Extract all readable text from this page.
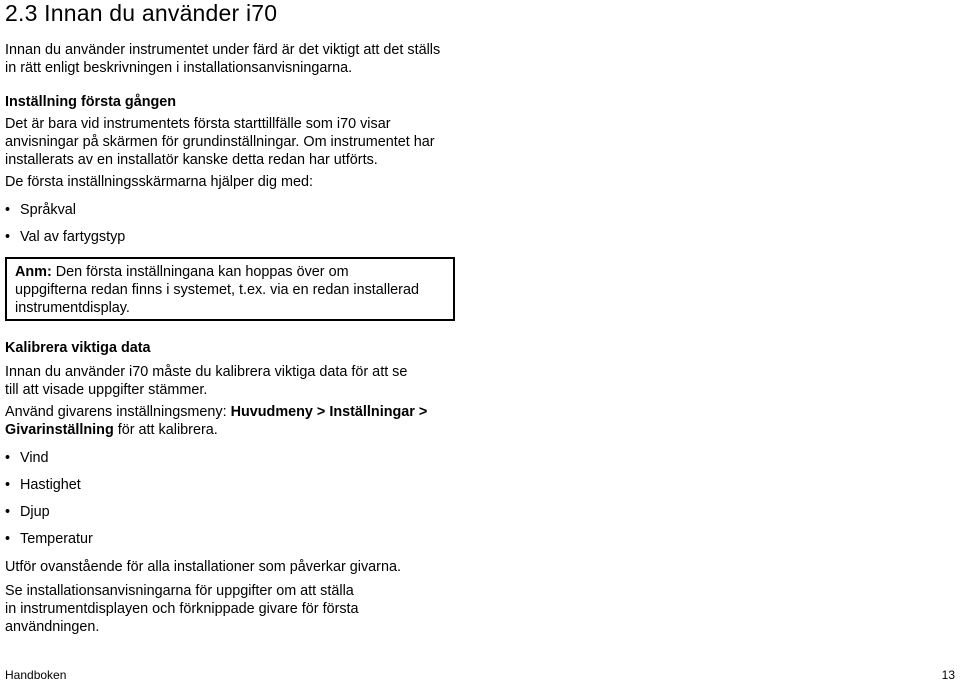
2.3 Innan du använder i70

Innan du använder instrumentet under färd är det viktigt att det ställs
in rätt enligt beskrivningen i installationsanvisningarna.

Inställning första gången

Det är bara vid instrumentets första starttillfälle som i70 visar
anvisningar på skärmen för grundinställningar. Om instrumentet har
installerats av en installatör kanske detta redan har utförts.

De första inställningsskärmarna hjälper dig med:

• Språkval
• Val av fartygstyp

Anm: Den första inställningana kan hoppas över om
uppgifterna redan finns i systemet, t.ex. via en redan installerad
instrumentdisplay.

Kalibrera viktiga data

Innan du använder i70 måste du kalibrera viktiga data för att se
till att visade uppgifter stämmer.

Använd givarens inställningsmeny: Huvudmeny > Inställningar >
Givarinställning för att kalibrera.

• Vind
• Hastighet
• Djup
• Temperatur

Utför ovanstående för alla installationer som påverkar givarna.

Se installationsanvisningarna för uppgifter om att ställa
in instrumentdisplayen och förknippade givare för första
användningen.

Handboken	13
